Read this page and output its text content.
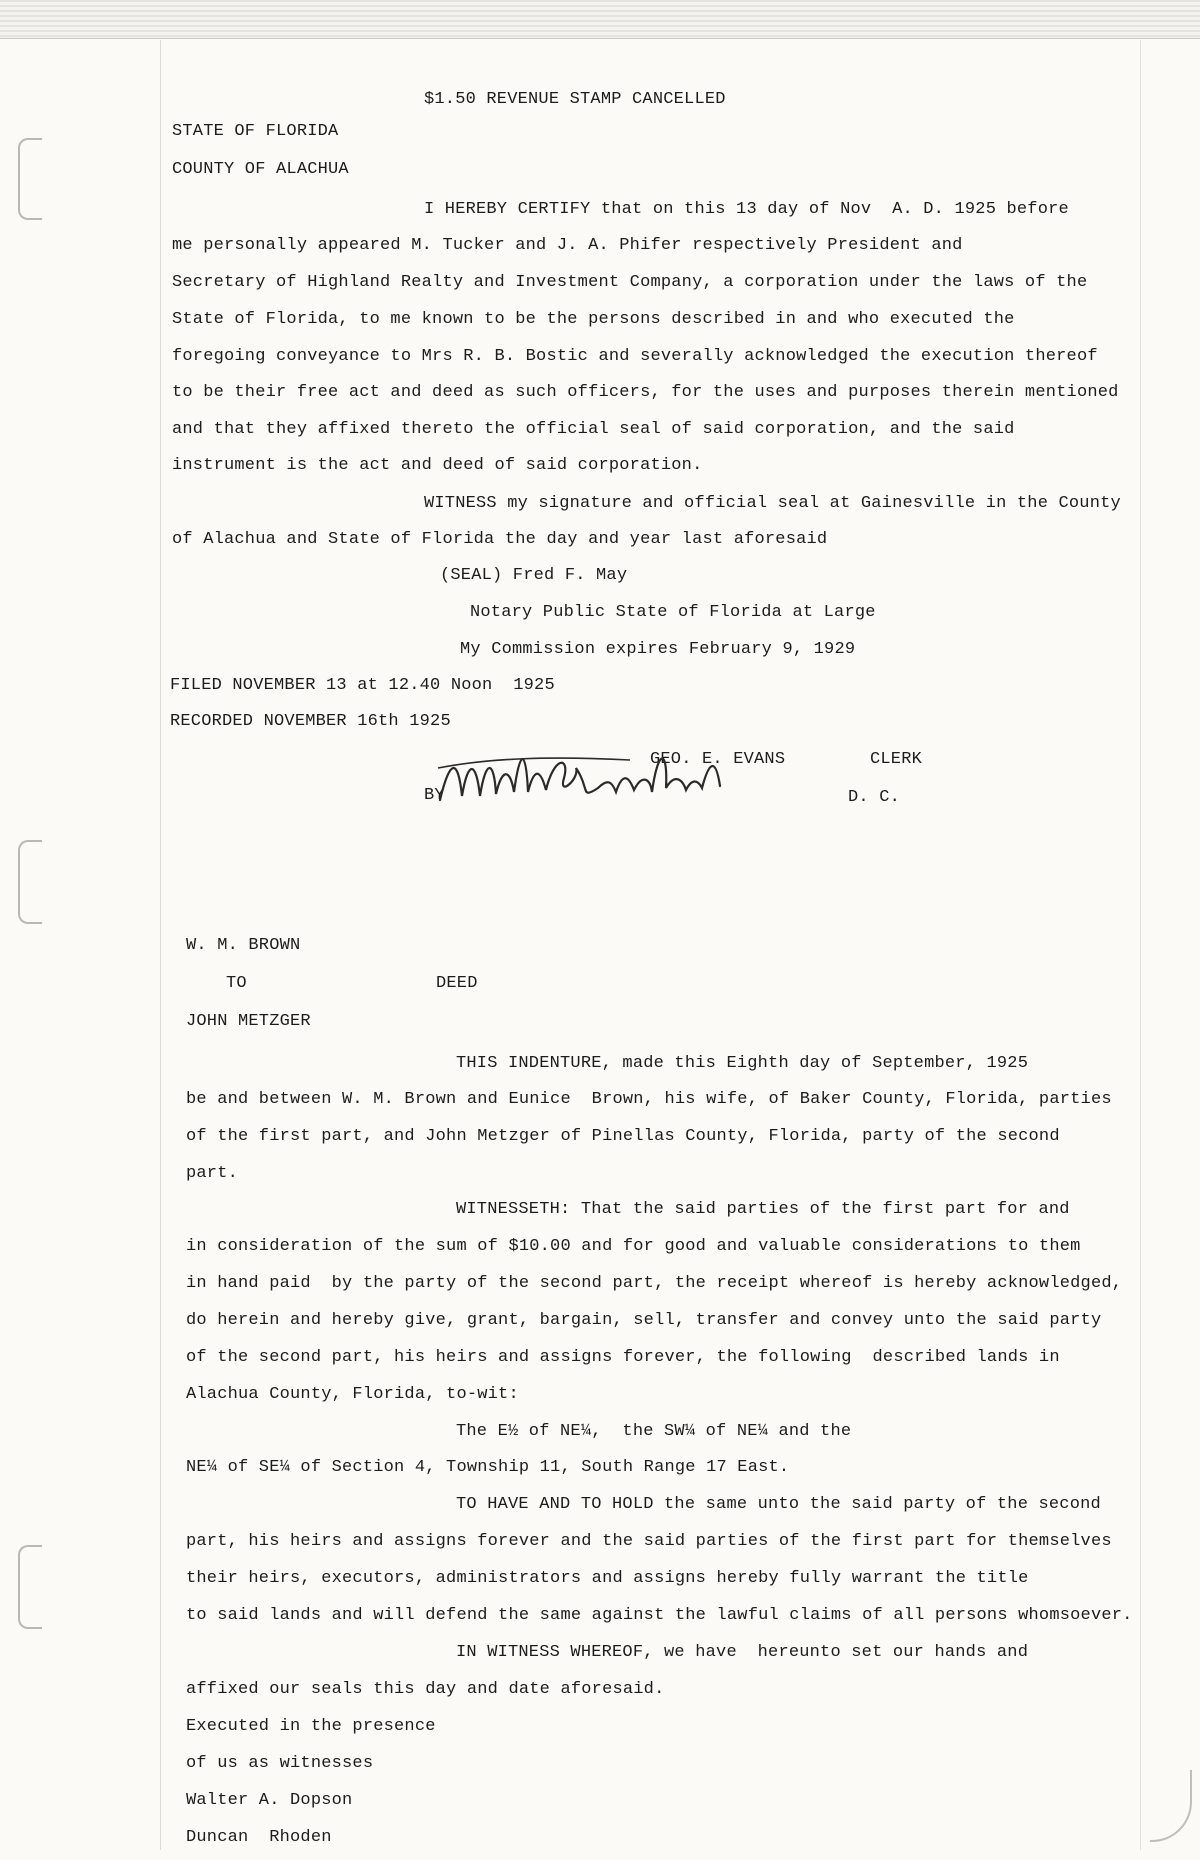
$1.50 REVENUE STAMP CANCELLED
STATE OF FLORIDA
COUNTY OF ALACHUA
I HEREBY CERTIFY that on this 13 day of Nov  A. D. 1925 before
me personally appeared M. Tucker and J. A. Phifer respectively President and
Secretary of Highland Realty and Investment Company, a corporation under the laws of the
State of Florida, to me known to be the persons described in and who executed the
foregoing conveyance to Mrs R. B. Bostic and severally acknowledged the execution thereof
to be their free act and deed as such officers, for the uses and purposes therein mentioned
and that they affixed thereto the official seal of said corporation, and the said
instrument is the act and deed of said corporation.
WITNESS my signature and official seal at Gainesville in the County
of Alachua and State of Florida the day and year last aforesaid
(SEAL) Fred F. May
Notary Public State of Florida at Large
My Commission expires February 9, 1929
FILED NOVEMBER 13 at 12.40 Noon  1925
RECORDED NOVEMBER 16th 1925
GEO. E. EVANS	CLERK
BY	D. C.
W. M. BROWN
TO	DEED
JOHN METZGER
THIS INDENTURE, made this Eighth day of September, 1925
be and between W. M. Brown and Eunice  Brown, his wife, of Baker County, Florida, parties
of the first part, and John Metzger of Pinellas County, Florida, party of the second
part.
WITNESSETH: That the said parties of the first part for and
in consideration of the sum of $10.00 and for good and valuable considerations to them
in hand paid  by the party of the second part, the receipt whereof is hereby acknowledged,
do herein and hereby give, grant, bargain, sell, transfer and convey unto the said party
of the second part, his heirs and assigns forever, the following  described lands in
Alachua County, Florida, to-wit:
The E½ of NE¼,  the SW¼ of NE¼ and the
NE¼ of SE¼ of Section 4, Township 11, South Range 17 East.
TO HAVE AND TO HOLD the same unto the said party of the second
part, his heirs and assigns forever and the said parties of the first part for themselves
their heirs, executors, administrators and assigns hereby fully warrant the title
to said lands and will defend the same against the lawful claims of all persons whomsoever.
IN WITNESS WHEREOF, we have  hereunto set our hands and
affixed our seals this day and date aforesaid.
Executed in the presence
of us as witnesses
Walter A. Dopson
Duncan  Rhoden
